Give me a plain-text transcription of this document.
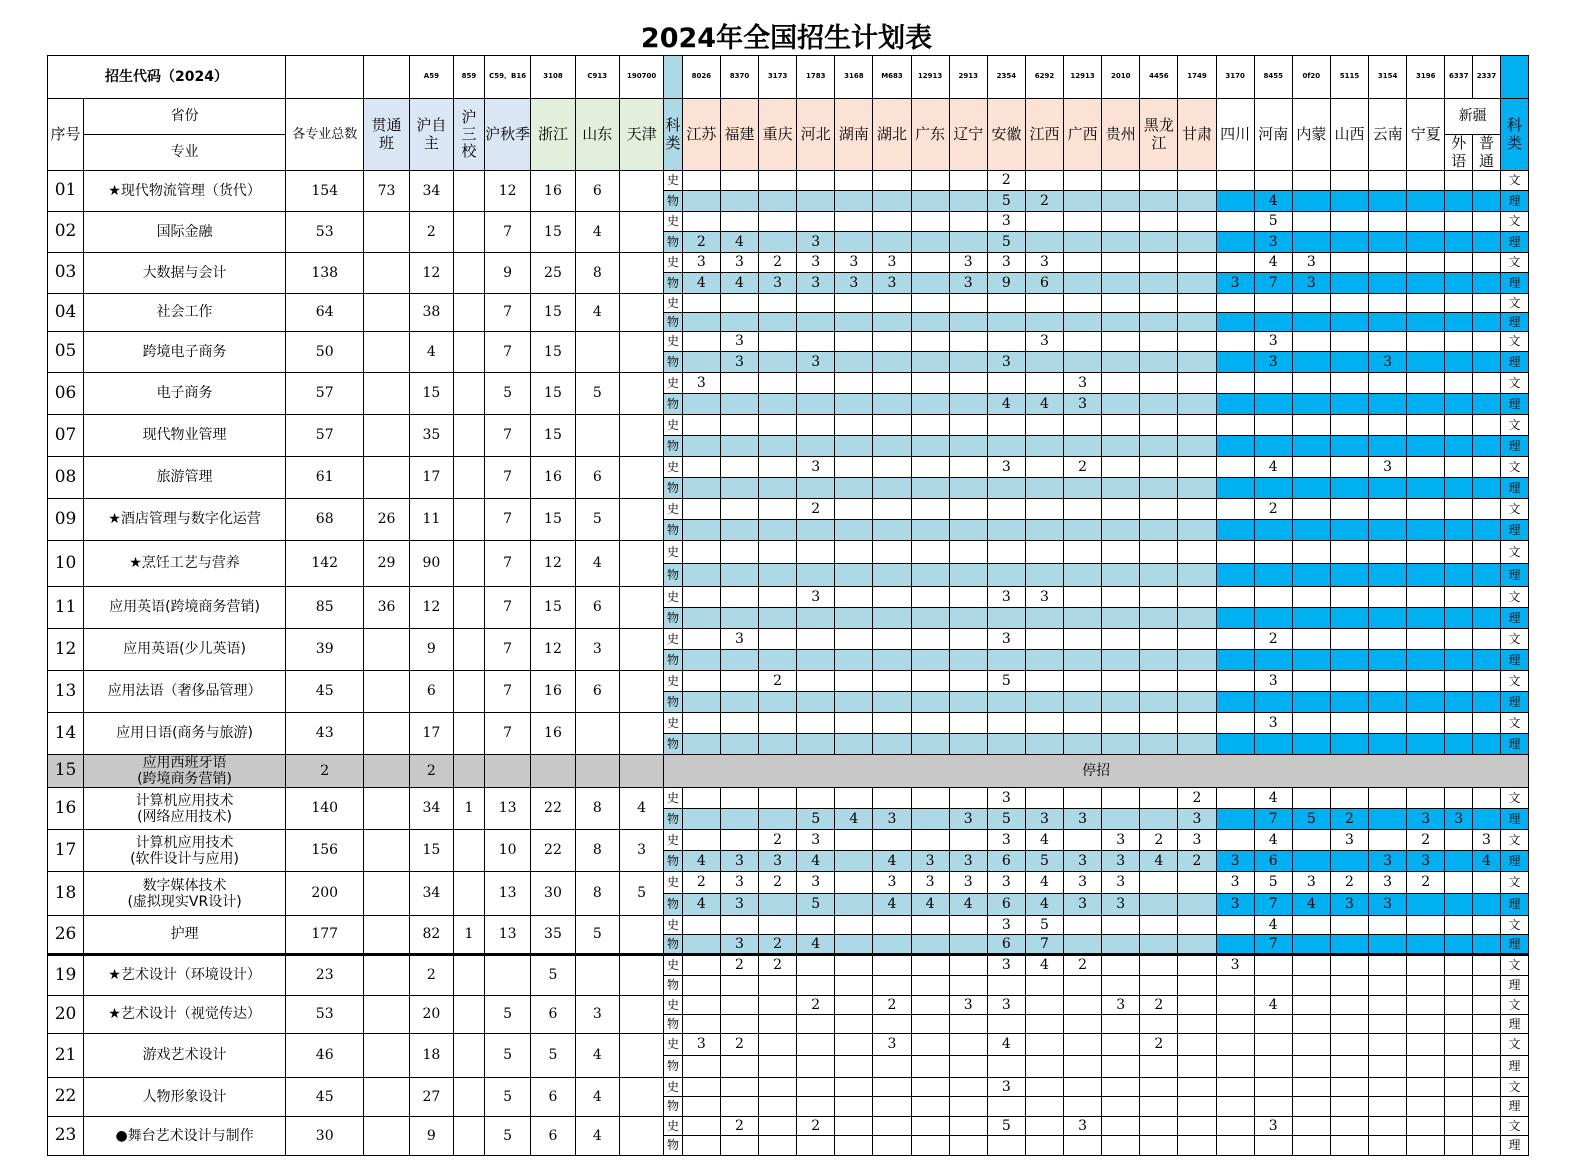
2024年全国招生计划表
招生代码（2024）				A59	859	C59、B16	3108	C913	190700		8026	8370	3173	1783	3168	M683	12913	2913	2354	6292	12913	2010	4456	1749	3170	8455	0f20	5115	3154	3196	6337	2337	
序号	省份	各专业总数	贯通班	沪自主	沪三校	沪秋季	浙江	山东	天津	科类	江苏	福建	重庆	河北	湖南	湖北	广东	辽宁	安徽	江西	广西	贵州	黑龙江	甘肃	四川	河南	内蒙	山西	云南	宁夏	新疆		科类
	专业																														外语	普通	
01	★现代物流管理（货代）	154	73	34		12	16	6		史									2														文
										物									5	2						4							理
02	国际金融	53		2		7	15	4		史									3							5							文
										物	2	4		3					5							3							理
03	大数据与会计	138		12		9	25	8		史	3	3	2	3	3	3		3	3	3						4	3						文
										物	4	4	3	3	3	3		3	9	6					3	7	3						理
04	社会工作	64		38		7	15	4		史																							文
										物																							理
05	跨境电子商务	50		4		7	15			史		3								3						3							文
										物		3		3					3							3			3				理
06	电子商务	57		15		5	15	5		史	3										3												文
										物									4	4	3												理
07	现代物业管理	57		35		7	15			史																							文
										物																							理
08	旅游管理	61		17		7	16	6		史				3					3		2					4			3				文
										物																							理
09	★酒店管理与数字化运营	68	26	11		7	15	5		史				2												2							文
										物																							理
10	★烹饪工艺与营养	142	29	90		7	12	4		史																							文
										物																							理
11	应用英语(跨境商务营销)	85	36	12		7	15	6		史				3					3	3													文
										物																							理
12	应用英语(少儿英语)	39		9		7	12	3		史		3							3							2							文
										物																							理
13	应用法语（奢侈品管理）	45		6		7	16	6		史			2						5							3							文
										物																							理
14	应用日语(商务与旅游)	43		17		7	16			史																3							文
										物																							理
15	应用西班牙语
(跨境商务营销)	2		2						停招																							

16	计算机应用技术
(网络应用技术)	140		34	1	13	22	8	4	史									3					2		4							文
										物				5	4	3		3	5	3	3			3		7	5	2		3	3		理
17	计算机应用技术
(软件设计与应用)	156		15		10	22	8	3	史			2	3					3	4		3	2	3		4		3		2		3	文
										物	4	3	3	4		4	3	3	6	5	3	3	4	2	3	6			3	3		4	理
18	数字媒体技术
(虚拟现实VR设计)	200		34		13	30	8	5	史	2	3	2	3		3	3	3	3	4	3	3			3	5	3	2	3	2			文
										物	4	3		5		4	4	4	6	4	3	3			3	7	4	3	3				理
26	护理	177		82	1	13	35	5		史									3	5						4							文
										物		3	2	4					6	7						7							理
19	★艺术设计（环境设计）	23		2			5			史		2	2						3	4	2				3								文
										物																							理
20	★艺术设计（视觉传达）	53		20		5	6	3		史				2		2		3	3			3	2			4							文
										物																							理
21	游戏艺术设计	46		18		5	5	4		史	3	2				3			4				2										文
										物																							理
22	人物形象设计	45		27		5	6	4		史									3														文
										物																							理
23	●舞台艺术设计与制作	30		9		5	6	4		史		2		2					5		3					3							文
										物																							理
